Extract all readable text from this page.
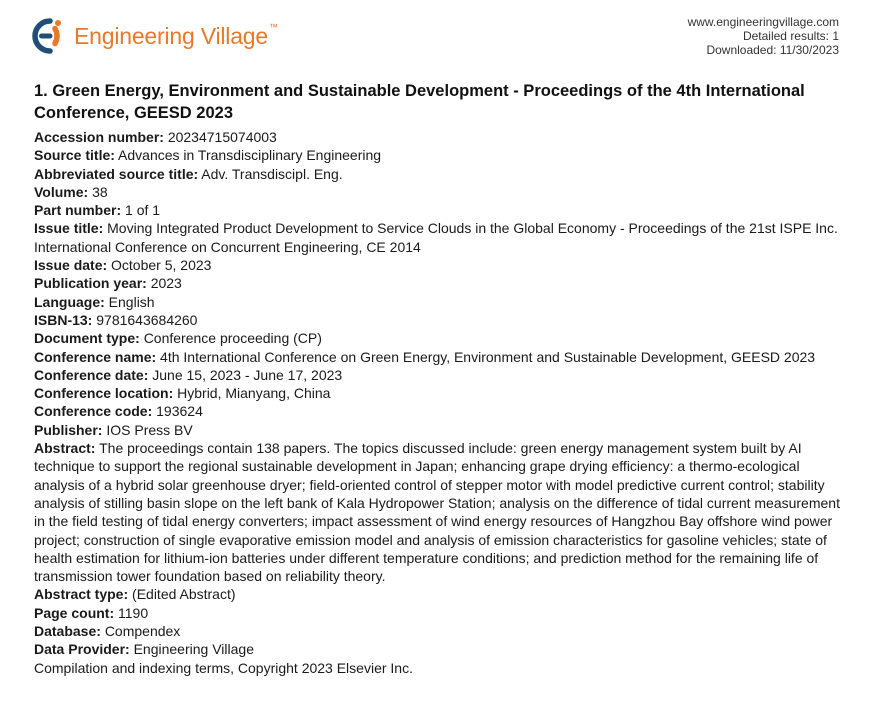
Engineering Village™	www.engineeringvillage.com
Detailed results: 1
Downloaded: 11/30/2023
1. Green Energy, Environment and Sustainable Development - Proceedings of the 4th International Conference, GEESD 2023
Accession number: 20234715074003
Source title: Advances in Transdisciplinary Engineering
Abbreviated source title: Adv. Transdiscipl. Eng.
Volume: 38
Part number: 1 of 1
Issue title: Moving Integrated Product Development to Service Clouds in the Global Economy - Proceedings of the 21st ISPE Inc. International Conference on Concurrent Engineering, CE 2014
Issue date: October 5, 2023
Publication year: 2023
Language: English
ISBN-13: 9781643684260
Document type: Conference proceeding (CP)
Conference name: 4th International Conference on Green Energy, Environment and Sustainable Development, GEESD 2023
Conference date: June 15, 2023 - June 17, 2023
Conference location: Hybrid, Mianyang, China
Conference code: 193624
Publisher: IOS Press BV
Abstract: The proceedings contain 138 papers. The topics discussed include: green energy management system built by AI technique to support the regional sustainable development in Japan; enhancing grape drying efficiency: a thermo-ecological analysis of a hybrid solar greenhouse dryer; field-oriented control of stepper motor with model predictive current control; stability analysis of stilling basin slope on the left bank of Kala Hydropower Station; analysis on the difference of tidal current measurement in the field testing of tidal energy converters; impact assessment of wind energy resources of Hangzhou Bay offshore wind power project; construction of single evaporative emission model and analysis of emission characteristics for gasoline vehicles; state of health estimation for lithium-ion batteries under different temperature conditions; and prediction method for the remaining life of transmission tower foundation based on reliability theory.
Abstract type: (Edited Abstract)
Page count: 1190
Database: Compendex
Data Provider: Engineering Village
Compilation and indexing terms, Copyright 2023 Elsevier Inc.
